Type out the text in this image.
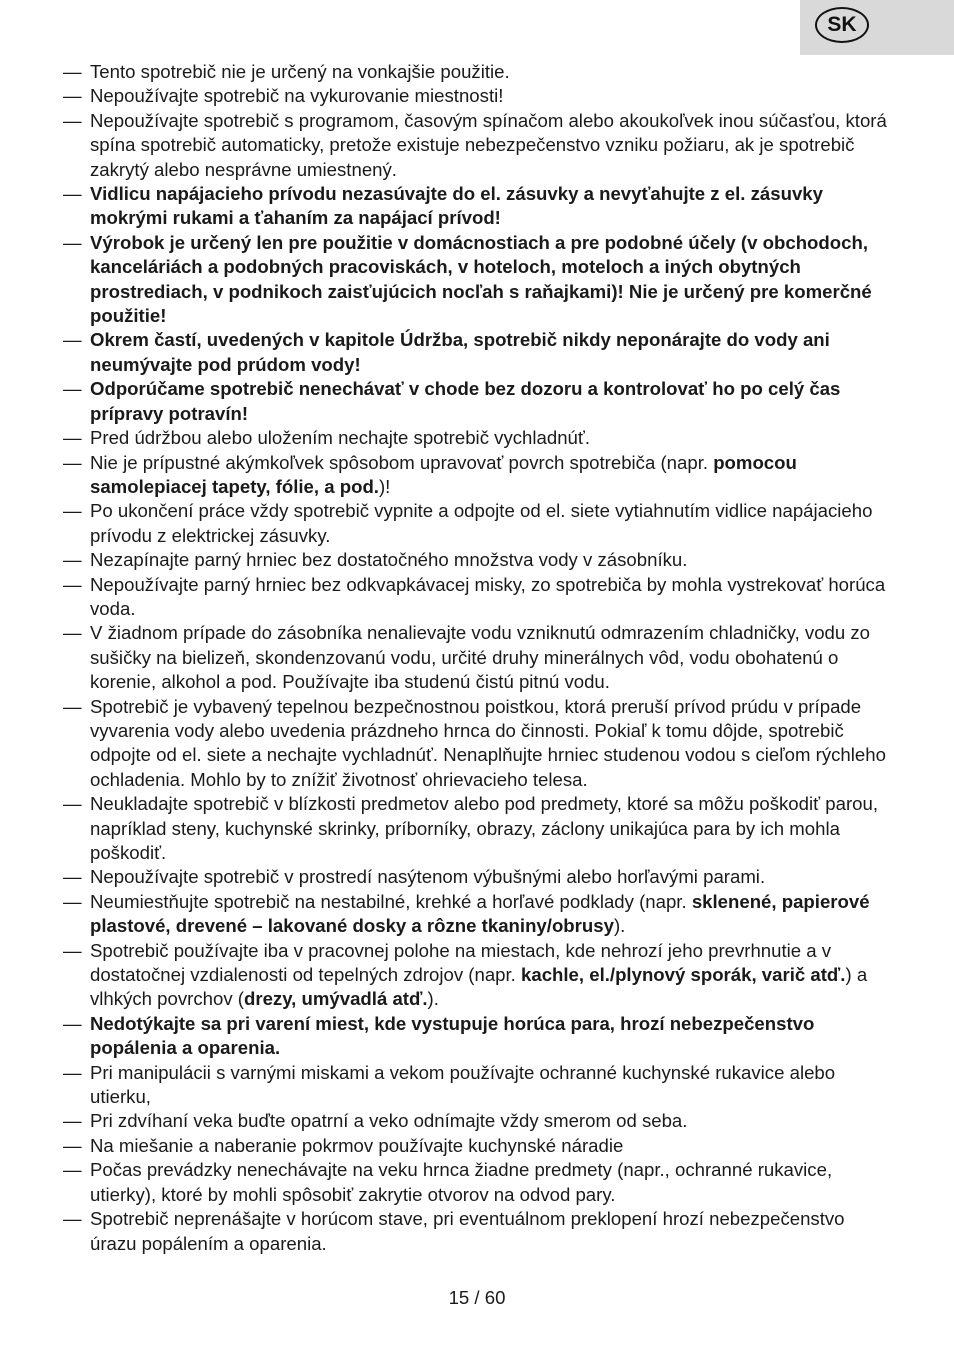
SK
— Tento spotrebič nie je určený na vonkajšie použitie.
— Nepoužívajte spotrebič na vykurovanie miestnosti!
— Nepoužívajte spotrebič s programom, časovým spínačom alebo akoukoľvek inou súčasťou, ktorá spína spotrebič automaticky, pretože existuje nebezpečenstvo vzniku požiaru, ak je spotrebič zakrytý alebo nesprávne umiestnený.
— Vidlicu napájacieho prívodu nezasúvajte do el. zásuvky a nevyťahujte z el. zásuvky mokrými rukami a ťahaním za napájací prívod!
— Výrobok je určený len pre použitie v domácnostiach a pre podobné účely (v obchodoch, kanceláriách a podobných pracoviskách, v hoteloch, moteloch a iných obytných prostrediach, v podnikoch zaisťujúcich nocľah s raňajkami)! Nie je určený pre komerčné použitie!
— Okrem častí, uvedených v kapitole Údržba, spotrebič nikdy neponárajte do vody ani neumývajte pod prúdom vody!
— Odporúčame spotrebič nenechávať v chode bez dozoru a kontrolovať ho po celý čas prípravy potravín!
— Pred údržbou alebo uložením nechajte spotrebič vychladnúť.
— Nie je prípustné akýmkoľvek spôsobom upravovať povrch spotrebiča (napr. pomocou samolepiacej tapety, fólie, a pod.)!
— Po ukončení práce vždy spotrebič vypnite a odpojte od el. siete vytiahnutím vidlice napájacieho prívodu z elektrickej zásuvky.
— Nezapínajte parný hrniec bez dostatočného množstva vody v zásobníku.
— Nepoužívajte parný hrniec bez odkvapkávacej misky, zo spotrebiča by mohla vystrekovať horúca voda.
— V žiadnom prípade do zásobníka nenalievajte vodu vzniknutú odmrazením chladničky, vodu zo sušičky na bielizeň, skondenzovanú vodu, určité druhy minerálnych vôd, vodu obohatenú o korenie, alkohol a pod. Používajte iba studenú čistú pitnú vodu.
— Spotrebič je vybavený tepelnou bezpečnostnou poistkou, ktorá preruší prívod prúdu v prípade vyvarenia vody alebo uvedenia prázdneho hrnca do činnosti. Pokiaľ k tomu dôjde, spotrebič odpojte od el. siete a nechajte vychladnúť. Nenaplňujte hrniec studenou vodou s cieľom rýchleho ochladenia. Mohlo by to znížiť životnosť ohrievacieho telesa.
— Neukladajte spotrebič v blízkosti predmetov alebo pod predmety, ktoré sa môžu poškodiť parou, napríklad steny, kuchynské skrinky, príborníky, obrazy, záclony unikajúca para by ich mohla poškodiť.
— Nepoužívajte spotrebič v prostredí nasýtenom výbušnými alebo horľavými parami.
— Neumiestňujte spotrebič na nestabilné, krehké a horľavé podklady (napr. sklenené, papierové plastové, drevené – lakované dosky a rôzne tkaniny/obrusy).
— Spotrebič používajte iba v pracovnej polohe na miestach, kde nehrozí jeho prevrhnutie a v dostatočnej vzdialenosti od tepelných zdrojov (napr. kachle, el./plynový sporák, varič atď.) a vlhkých povrchov (drezy, umývadlá atď.).
— Nedotýkajte sa pri varení miest, kde vystupuje horúca para, hrozí nebezpečenstvo popálenia a oparenia.
— Pri manipulácii s varnými miskami a vekom používajte ochranné kuchynské rukavice alebo utierku,
— Pri zdvíhaní veka buďte opatrní a veko odnímajte vždy smerom od seba.
— Na miešanie a naberanie pokrmov používajte kuchynské náradie
— Počas prevádzky nenechávajte na veku hrnca žiadne predmety (napr., ochranné rukavice, utierky), ktoré by mohli spôsobiť zakrytie otvorov na odvod pary.
— Spotrebič neprenášajte v horúcom stave, pri eventuálnom preklopení hrozí nebezpečenstvo úrazu popálením a oparenia.
15 / 60
